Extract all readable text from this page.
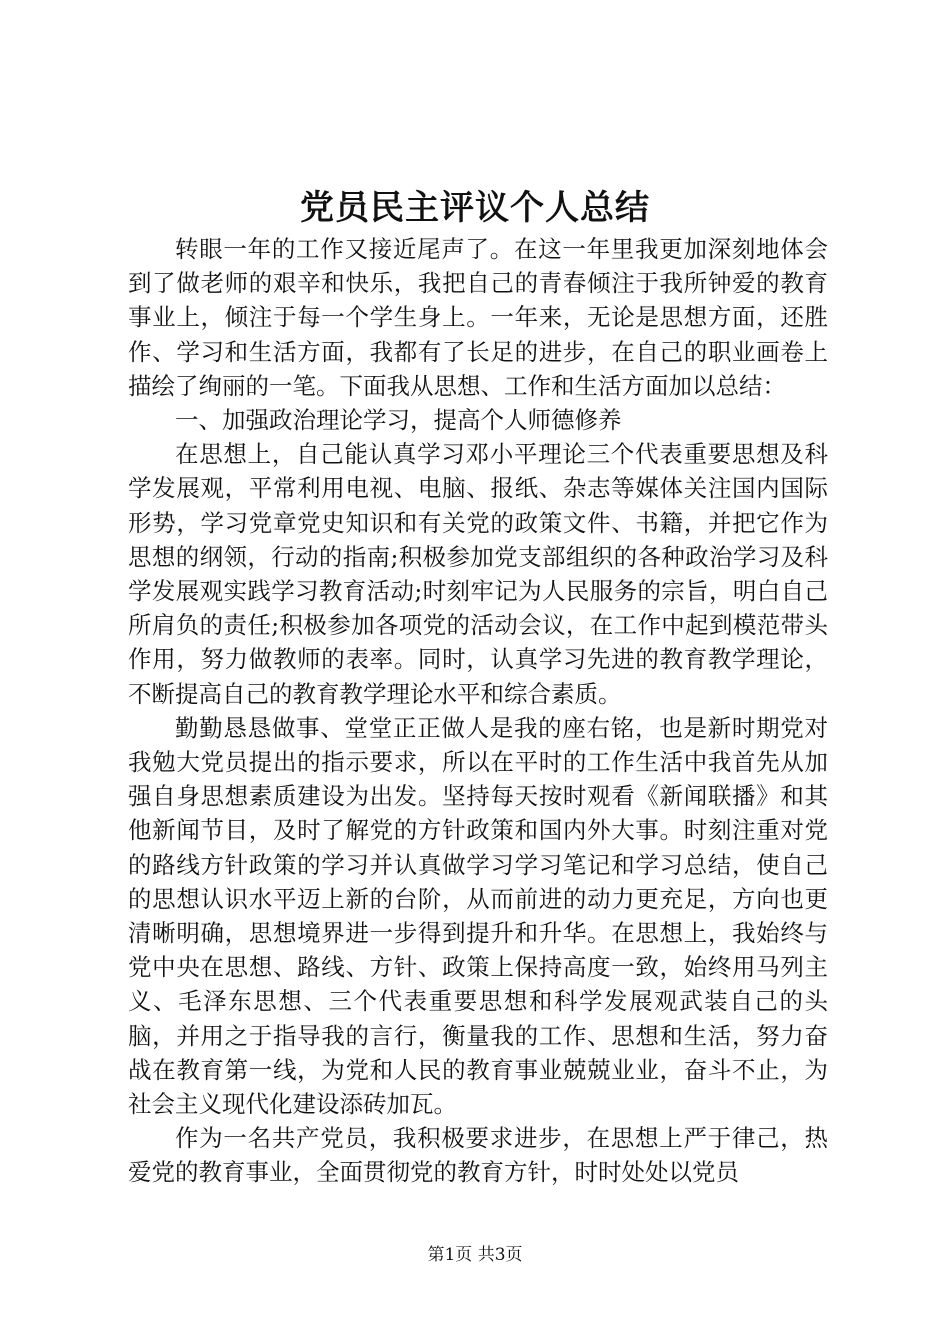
党员民主评议个人总结

转眼一年的工作又接近尾声了。在这一年里我更加深刻地体会到了做老师的艰辛和快乐，我把自己的青春倾注于我所钟爱的教育事业上，倾注于每一个学生身上。一年来，无论是思想方面，还胜作、学习和生活方面，我都有了长足的进步，在自己的职业画卷上描绘了绚丽的一笔。下面我从思想、工作和生活方面加以总结：

一、加强政治理论学习，提高个人师德修养

在思想上，自己能认真学习邓小平理论三个代表重要思想及科学发展观，平常利用电视、电脑、报纸、杂志等媒体关注国内国际形势，学习党章党史知识和有关党的政策文件、书籍，并把它作为思想的纲领，行动的指南;积极参加党支部组织的各种政治学习及科学发展观实践学习教育活动;时刻牢记为人民服务的宗旨，明白自己所肩负的责任;积极参加各项党的活动会议，在工作中起到模范带头作用，努力做教师的表率。同时，认真学习先进的教育教学理论，不断提高自己的教育教学理论水平和综合素质。

勤勤恳恳做事、堂堂正正做人是我的座右铭，也是新时期党对我勉大党员提出的指示要求，所以在平时的工作生活中我首先从加强自身思想素质建设为出发。坚持每天按时观看《新闻联播》和其他新闻节目，及时了解党的方针政策和国内外大事。时刻注重对党的路线方针政策的学习并认真做学习学习笔记和学习总结，使自己的思想认识水平迈上新的台阶，从而前进的动力更充足，方向也更清晰明确，思想境界进一步得到提升和升华。在思想上，我始终与党中央在思想、路线、方针、政策上保持高度一致，始终用马列主义、毛泽东思想、三个代表重要思想和科学发展观武装自己的头脑，并用之于指导我的言行，衡量我的工作、思想和生活，努力奋战在教育第一线，为党和人民的教育事业兢兢业业，奋斗不止，为社会主义现代化建设添砖加瓦。

作为一名共产党员，我积极要求进步，在思想上严于律己，热爱党的教育事业，全面贯彻党的教育方针，时时处处以党员

第1页 共3页
